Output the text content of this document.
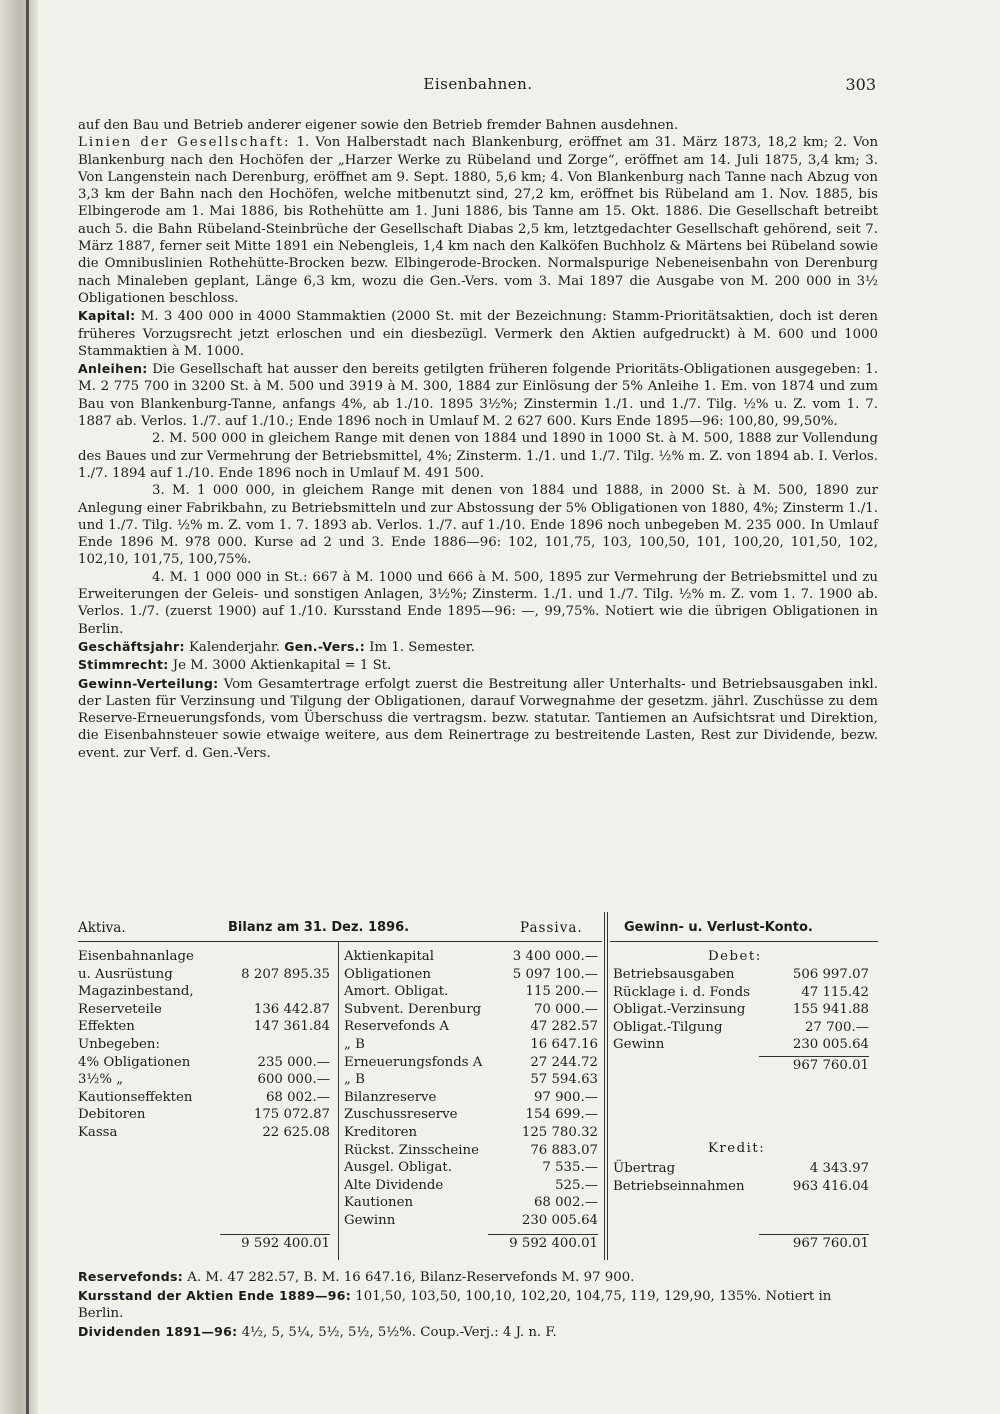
Eisenbahnen.	303

auf den Bau und Betrieb anderer eigener sowie den Betrieb fremder Bahnen ausdehnen.

Linien der Gesellschaft: 1. Von Halberstadt nach Blankenburg, eröffnet am 31. März 1873, 18,2 km; 2. Von Blankenburg nach den Hochöfen der „Harzer Werke zu Rübeland und Zorge“, eröffnet am 14. Juli 1875, 3,4 km; 3. Von Langenstein nach Derenburg, eröffnet am 9. Sept. 1880, 5,6 km; 4. Von Blankenburg nach Tanne nach Abzug von 3,3 km der Bahn nach den Hochöfen, welche mitbenutzt sind, 27,2 km, eröffnet bis Rübeland am 1. Nov. 1885, bis Elbingerode am 1. Mai 1886, bis Rothehütte am 1. Juni 1886, bis Tanne am 15. Okt. 1886. Die Gesellschaft betreibt auch 5. die Bahn Rübeland-Steinbrüche der Gesellschaft Diabas 2,5 km, letztgedachter Gesellschaft gehörend, seit 7. März 1887, ferner seit Mitte 1891 ein Nebengleis, 1,4 km nach den Kalköfen Buchholz & Märtens bei Rübeland sowie die Omnibuslinien Rothehütte-Brocken bezw. Elbingerode-Brocken. Normalspurige Nebeneisenbahn von Derenburg nach Minaleben geplant, Länge 6,3 km, wozu die Gen.-Vers. vom 3. Mai 1897 die Ausgabe von M. 200 000 in 3½ Obligationen beschloss.

Kapital: M. 3 400 000 in 4000 Stammaktien (2000 St. mit der Bezeichnung: Stamm-Prioritätsaktien, doch ist deren früheres Vorzugsrecht jetzt erloschen und ein diesbezügl. Vermerk den Aktien aufgedruckt) à M. 600 und 1000 Stammaktien à M. 1000.

Anleihen: Die Gesellschaft hat ausser den bereits getilgten früheren folgende Prioritäts-Obligationen ausgegeben: 1. M. 2 775 700 in 3200 St. à M. 500 und 3919 à M. 300, 1884 zur Einlösung der 5% Anleihe 1. Em. von 1874 und zum Bau von Blankenburg-Tanne, anfangs 4%, ab 1./10. 1895 3½%; Zinstermin 1./1. und 1./7. Tilg. ½% u. Z. vom 1. 7. 1887 ab. Verlos. 1./7. auf 1./10.; Ende 1896 noch in Umlauf M. 2 627 600. Kurs Ende 1895—96: 100,80, 99,50%.

2. M. 500 000 in gleichem Range mit denen von 1884 und 1890 in 1000 St. à M. 500, 1888 zur Vollendung des Baues und zur Vermehrung der Betriebsmittel, 4%; Zinsterm. 1./1. und 1./7. Tilg. ½% m. Z. von 1894 ab. I. Verlos. 1./7. 1894 auf 1./10. Ende 1896 noch in Umlauf M. 491 500.

3. M. 1 000 000, in gleichem Range mit denen von 1884 und 1888, in 2000 St. à M. 500, 1890 zur Anlegung einer Fabrikbahn, zu Betriebsmitteln und zur Abstossung der 5% Obligationen von 1880, 4%; Zinsterm 1./1. und 1./7. Tilg. ½% m. Z. vom 1. 7. 1893 ab. Verlos. 1./7. auf 1./10. Ende 1896 noch unbegeben M. 235 000. In Umlauf Ende 1896 M. 978 000. Kurse ad 2 und 3. Ende 1886—96: 102, 101,75, 103, 100,50, 101, 100,20, 101,50, 102, 102,10, 101,75, 100,75%.

4. M. 1 000 000 in St.: 667 à M. 1000 und 666 à M. 500, 1895 zur Vermehrung der Betriebsmittel und zu Erweiterungen der Geleis- und sonstigen Anlagen, 3½%; Zinsterm. 1./1. und 1./7. Tilg. ½% m. Z. vom 1. 7. 1900 ab. Verlos. 1./7. (zuerst 1900) auf 1./10. Kursstand Ende 1895—96: —, 99,75%. Notiert wie die übrigen Obligationen in Berlin.

Geschäftsjahr: Kalenderjahr. Gen.-Vers.: Im 1. Semester.

Stimmrecht: Je M. 3000 Aktienkapital = 1 St.

Gewinn-Verteilung: Vom Gesamtertrage erfolgt zuerst die Bestreitung aller Unterhalts- und Betriebsausgaben inkl. der Lasten für Verzinsung und Tilgung der Obligationen, darauf Vorwegnahme der gesetzm. jährl. Zuschüsse zu dem Reserve-Erneuerungsfonds, vom Überschuss die vertragsm. bezw. statutar. Tantiemen an Aufsichtsrat und Direktion, die Eisenbahnsteuer sowie etwaige weitere, aus dem Reinertrage zu bestreitende Lasten, Rest zur Dividende, bezw. event. zur Verf. d. Gen.-Vers.

Aktiva.	Bilanz am 31. Dez. 1896.	Passiva.	Gewinn- u. Verlust-Konto.
Eisenbahnanlage
u. Ausrüstung	8 207 895.35
Magazinbestand,
Reserveteile	136 442.87
Effekten	147 361.84
Unbegeben:
4% Obligationen	235 000.—
3½% „	600 000.—
Kautionseffekten	68 002.—
Debitoren	175 072.87
Kassa	22 625.08
9 592 400.01
Aktienkapital	3 400 000.—
Obligationen	5 097 100.—
Amort. Obligat.	115 200.—
Subvent. Derenburg	70 000.—
Reservefonds A	47 282.57
„ B	16 647.16
Erneuerungsfonds A	27 244.72
„ B	57 594.63
Bilanzreserve	97 900.—
Zuschussreserve	154 699.—
Kreditoren	125 780.32
Rückst. Zinsscheine	76 883.07
Ausgel. Obligat.	7 535.—
Alte Dividende	525.—
Kautionen	68 002.—
Gewinn	230 005.64
9 592 400.01
Debet:
Betriebsausgaben	506 997.07
Rücklage i. d. Fonds	47 115.42
Obligat.-Verzinsung	155 941.88
Obligat.-Tilgung	27 700.—
Gewinn	230 005.64
967 760.01
Kredit:
Übertrag	4 343.97
Betriebseinnahmen	963 416.04
967 760.01

Reservefonds: A. M. 47 282.57, B. M. 16 647.16, Bilanz-Reservefonds M. 97 900.

Kursstand der Aktien Ende 1889—96: 101,50, 103,50, 100,10, 102,20, 104,75, 119, 129,90, 135%. Notiert in Berlin.

Dividenden 1891—96: 4½, 5, 5¼, 5½, 5½, 5½%. Coup.-Verj.: 4 J. n. F.
